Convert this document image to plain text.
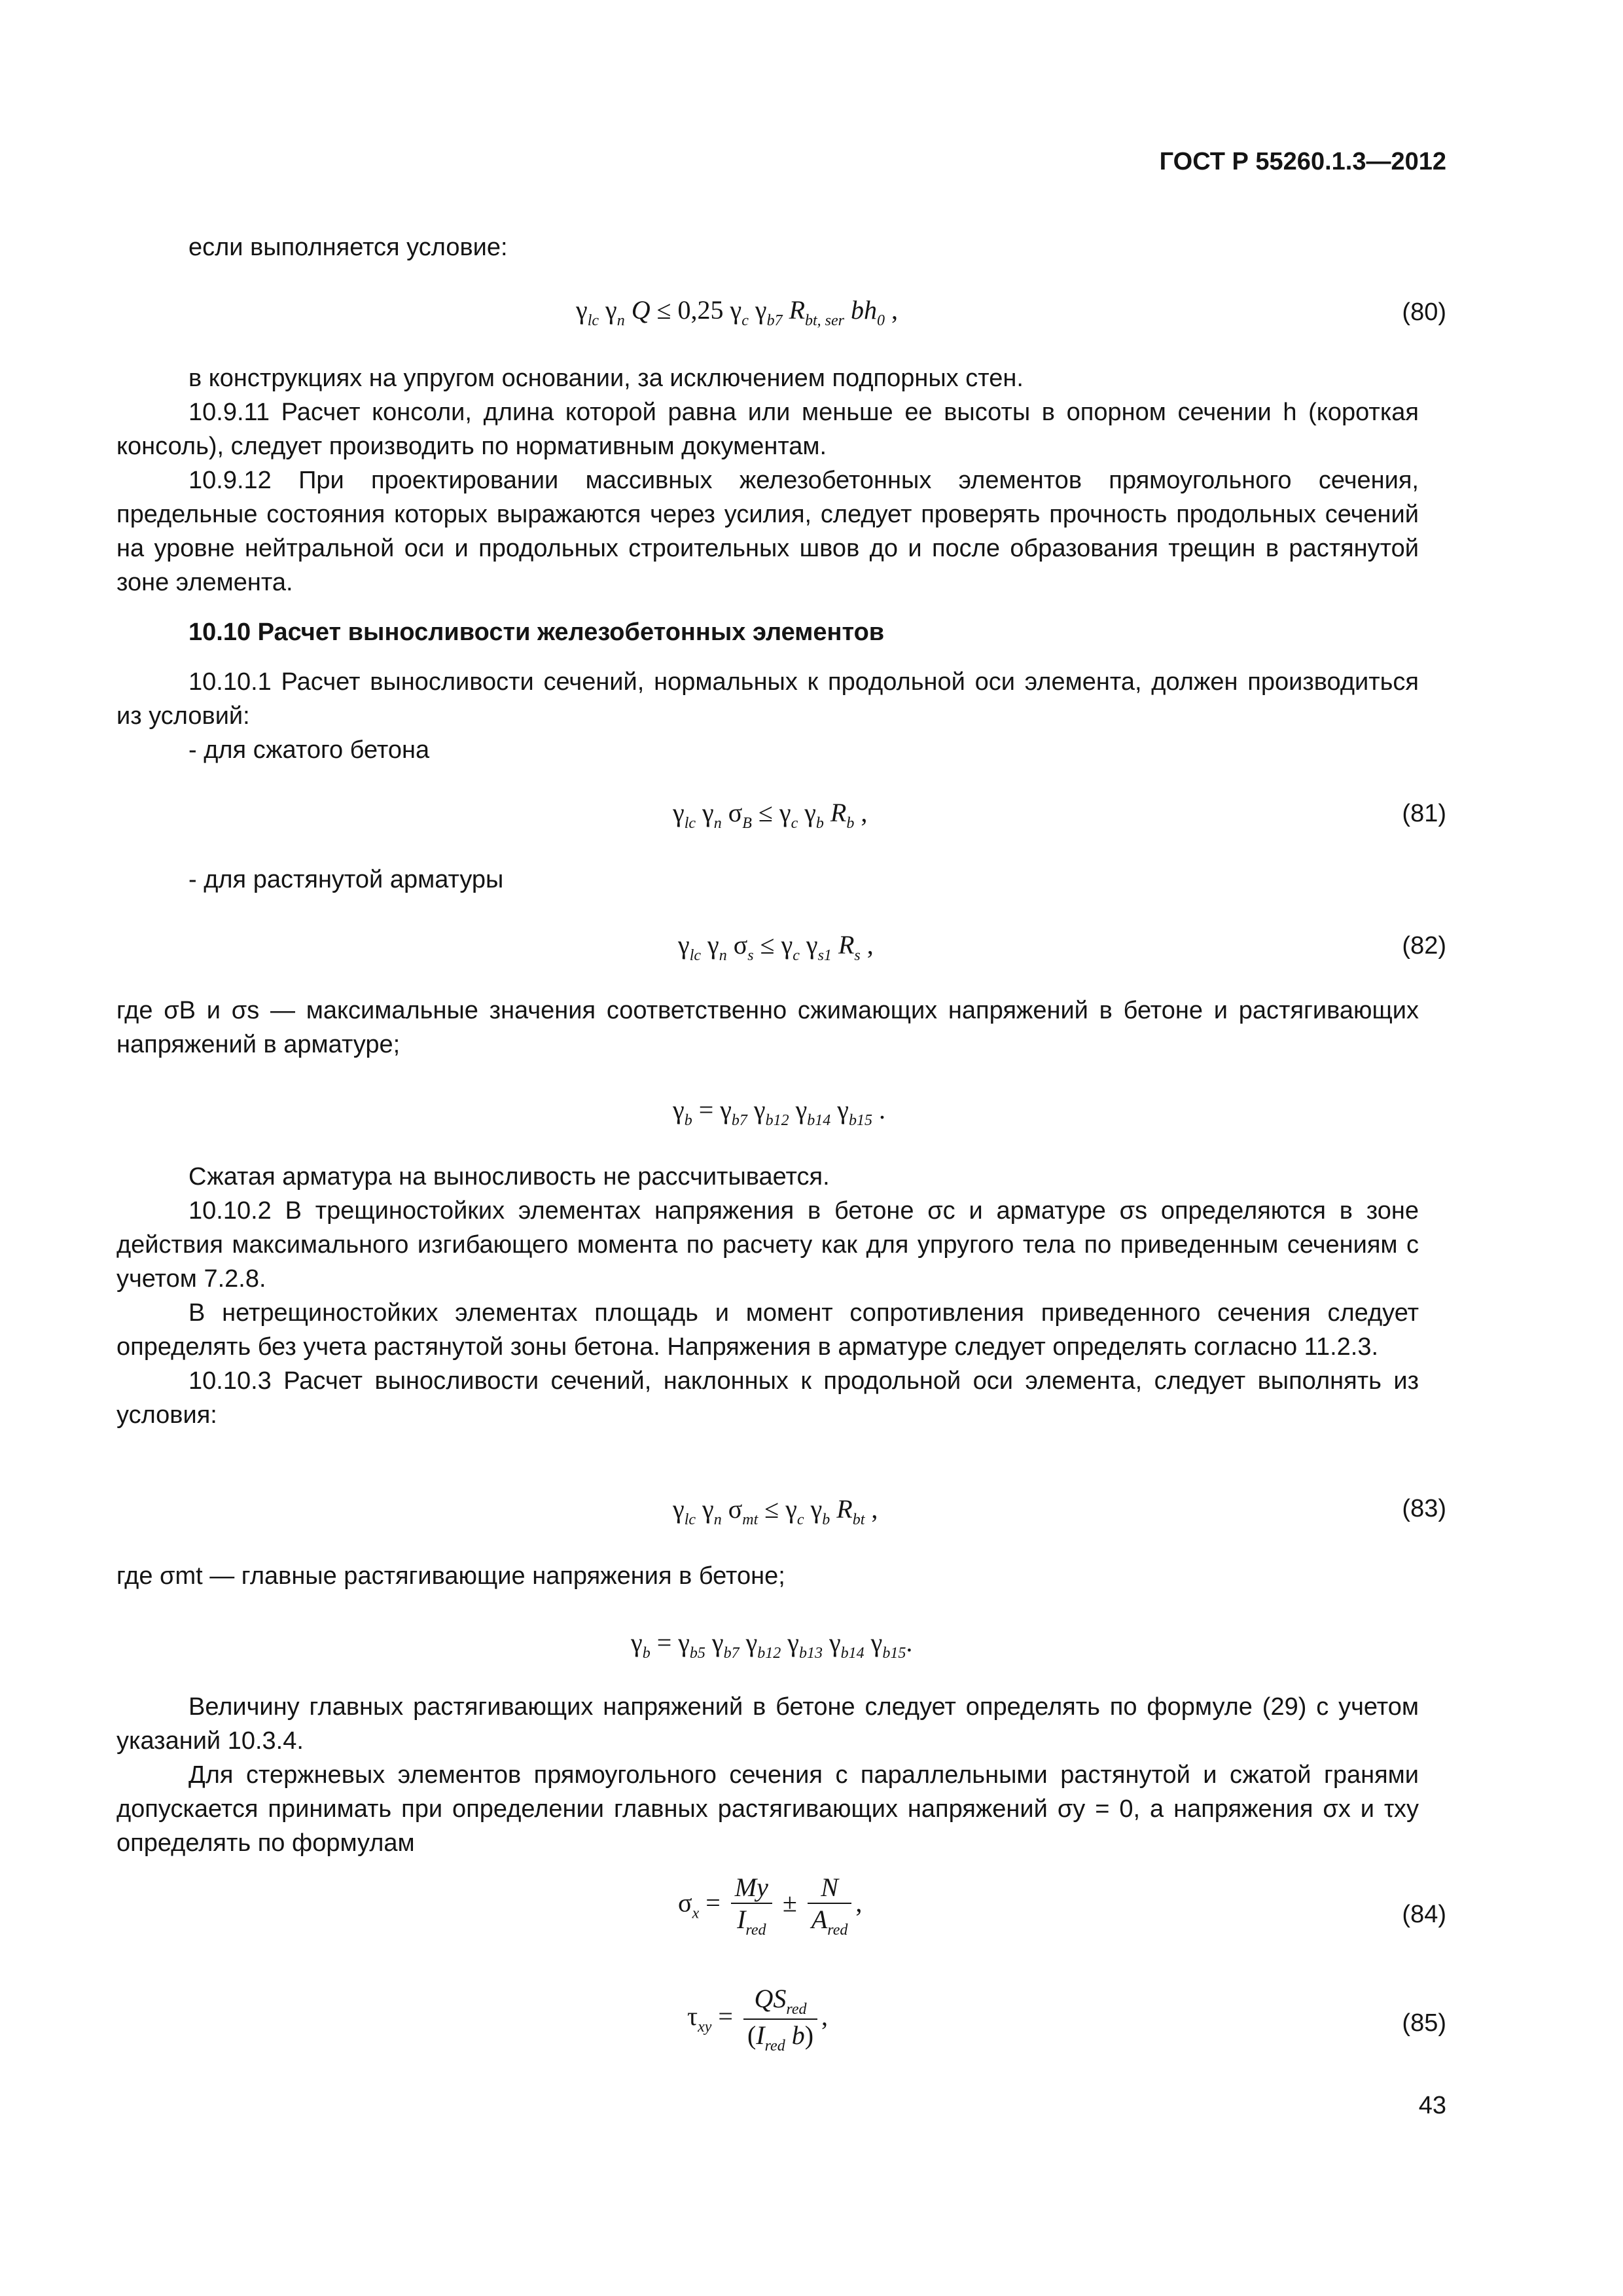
ГОСТ Р 55260.1.3—2012

если выполняется условие:

$\gamma_{lc}$ $\gamma_n$ Q ≤ 0,25 $\gamma_c$ $\gamma_{b7}$ $R_{bt, ser}$ $bh_0$ ,	(80)

в конструкциях на упругом основании, за исключением подпорных стен.

10.9.11 Расчет консоли, длина которой равна или меньше ее высоты в опорном сечении h (короткая консоль), следует производить по нормативным документам.

10.9.12 При проектировании массивных железобетонных элементов прямоугольного сечения, предельные состояния которых выражаются через усилия, следует проверять прочность продольных сечений на уровне нейтральной оси и продольных строительных швов до и после образования трещин в растянутой зоне элемента.

10.10 Расчет выносливости железобетонных элементов

10.10.1 Расчет выносливости сечений, нормальных к продольной оси элемента, должен производиться из условий:

- для сжатого бетона

$\gamma_{lc}$ $\gamma_n$ $\sigma_B \le \gamma_c$ $\gamma_b$ $R_b$ ,	(81)

- для растянутой арматуры

$\gamma_{lc}$ $\gamma_n$ $\sigma_s \le \gamma_c$ $\gamma_{s1}$ $R_s$ ,	(82)

где σB и σs — максимальные значения соответственно сжимающих напряжений в бетоне и растягивающих напряжений в арматуре;

$\gamma_b = \gamma_{b7}$ $\gamma_{b12}$ $\gamma_{b14}$ $\gamma_{b15}$ .

Сжатая арматура на выносливость не рассчитывается.

10.10.2 В трещиностойких элементах напряжения в бетоне σc и арматуре σs определяются в зоне действия максимального изгибающего момента по расчету как для упругого тела по приведенным сечениям с учетом 7.2.8.

В нетрещиностойких элементах площадь и момент сопротивления приведенного сечения следует определять без учета растянутой зоны бетона. Напряжения в арматуре следует определять согласно 11.2.3.

10.10.3 Расчет выносливости сечений, наклонных к продольной оси элемента, следует выполнять из условия:

$\gamma_{lc}$ $\gamma_n$ $\sigma_{mt} \le \gamma_c$ $\gamma_b$ $R_{bt}$ ,	(83)

где σmt — главные растягивающие напряжения в бетоне;

$\gamma_b = \gamma_{b5}$ $\gamma_{b7}$ $\gamma_{b12}$ $\gamma_{b13}$ $\gamma_{b14}$ $\gamma_{b15}$.

Величину главных растягивающих напряжений в бетоне следует определять по формуле (29) с учетом указаний 10.3.4.

Для стержневых элементов прямоугольного сечения с параллельными растянутой и сжатой гранями допускается принимать при определении главных растягивающих напряжений σy = 0, а напряжения σx и τxy определять по формулам

$\sigma_x = \frac{My}{I_{red}} \pm \frac{N}{A_{red}}$ ,	(84)
$\tau_{xy} = \frac{QS_{red}}{(I_{red} b)}$ ,	(85)
43
